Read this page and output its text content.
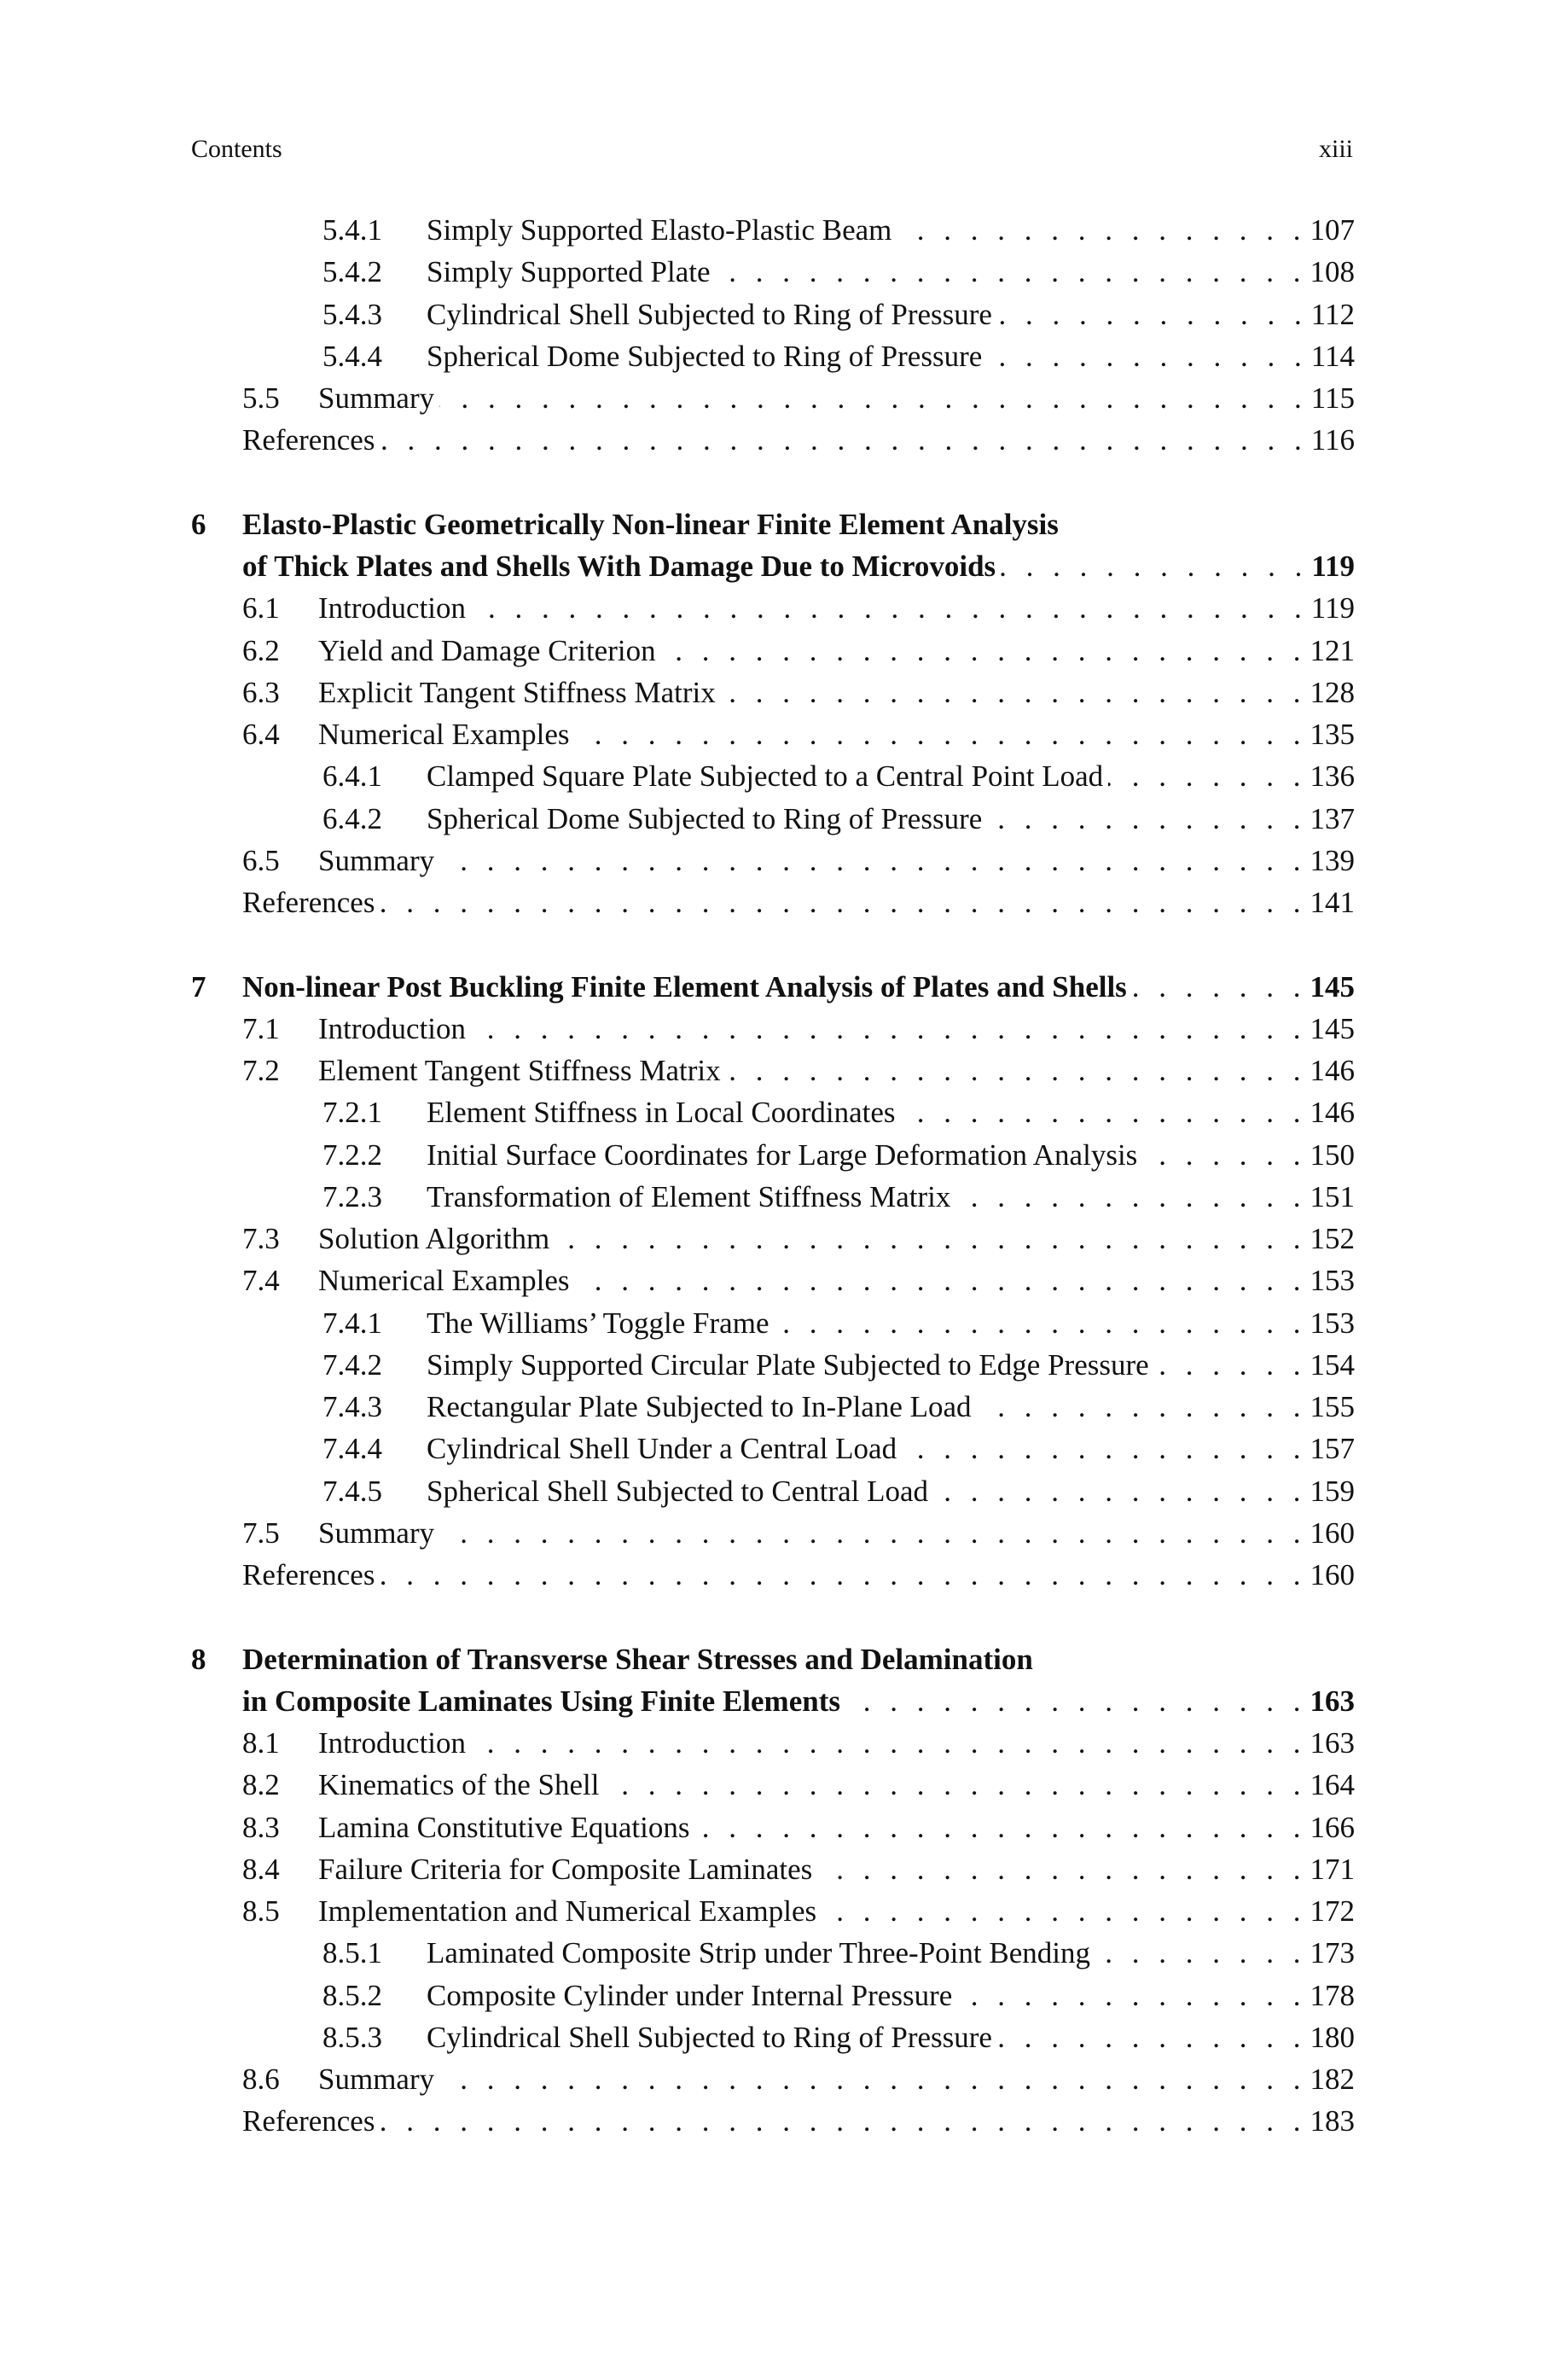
Contents	xiii
5.4.1 Simply Supported Elasto-Plastic Beam . . .	107
5.4.2 Simply Supported Plate . . .	108
5.4.3 Cylindrical Shell Subjected to Ring of Pressure . . .	112
5.4.4 Spherical Dome Subjected to Ring of Pressure . . .	114
5.5 Summary . . .	115
References . . .	116
6 Elasto-Plastic Geometrically Non-linear Finite Element Analysis
of Thick Plates and Shells With Damage Due to Microvoids . . .	119
6.1 Introduction . . .	119
6.2 Yield and Damage Criterion . . .	121
6.3 Explicit Tangent Stiffness Matrix . . .	128
6.4 Numerical Examples . . .	135
6.4.1 Clamped Square Plate Subjected to a Central Point Load . . .	136
6.4.2 Spherical Dome Subjected to Ring of Pressure . . .	137
6.5 Summary . . .	139
References . . .	141
7 Non-linear Post Buckling Finite Element Analysis of Plates and Shells . . .	145
7.1 Introduction . . .	145
7.2 Element Tangent Stiffness Matrix . . .	146
7.2.1 Element Stiffness in Local Coordinates . . .	146
7.2.2 Initial Surface Coordinates for Large Deformation Analysis . . .	150
7.2.3 Transformation of Element Stiffness Matrix . . .	151
7.3 Solution Algorithm . . .	152
7.4 Numerical Examples . . .	153
7.4.1 The Williams’ Toggle Frame . . .	153
7.4.2 Simply Supported Circular Plate Subjected to Edge Pressure . . .	154
7.4.3 Rectangular Plate Subjected to In-Plane Load . . .	155
7.4.4 Cylindrical Shell Under a Central Load . . .	157
7.4.5 Spherical Shell Subjected to Central Load . . .	159
7.5 Summary . . .	160
References . . .	160
8 Determination of Transverse Shear Stresses and Delamination
in Composite Laminates Using Finite Elements . . .	163
8.1 Introduction . . .	163
8.2 Kinematics of the Shell . . .	164
8.3 Lamina Constitutive Equations . . .	166
8.4 Failure Criteria for Composite Laminates . . .	171
8.5 Implementation and Numerical Examples . . .	172
8.5.1 Laminated Composite Strip under Three-Point Bending . . .	173
8.5.2 Composite Cylinder under Internal Pressure . . .	178
8.5.3 Cylindrical Shell Subjected to Ring of Pressure . . .	180
8.6 Summary . . .	182
References . . .	183
